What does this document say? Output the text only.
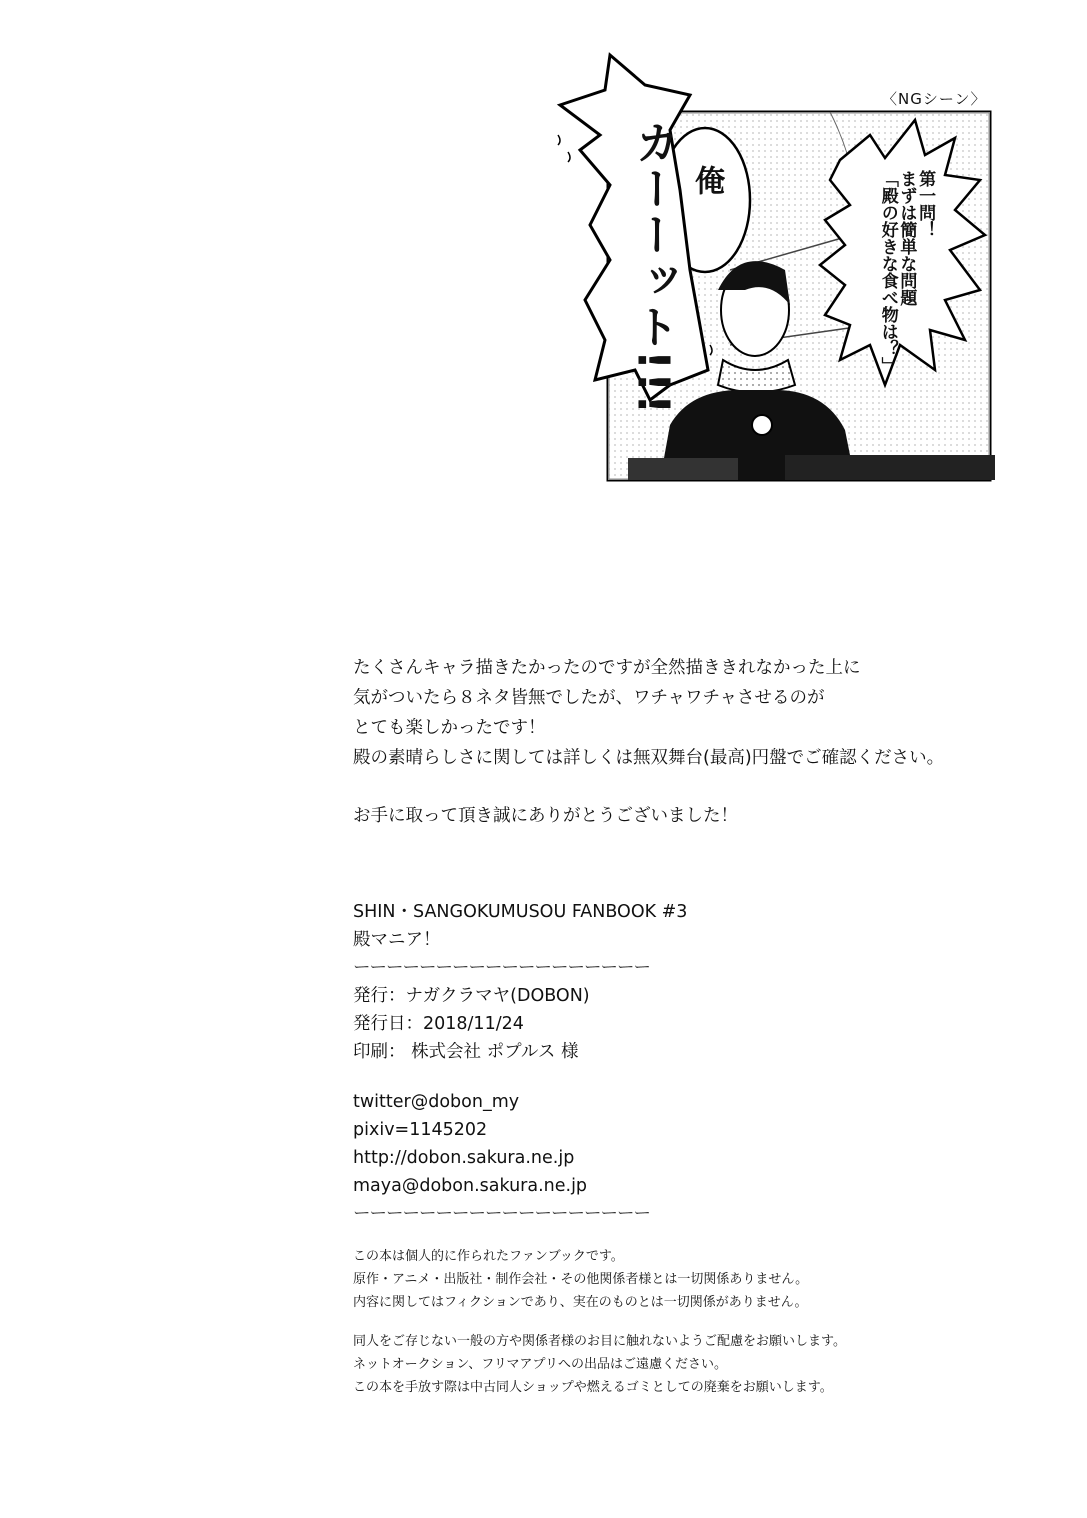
〈NGシーン〉
カーーット!!! 俺	第一問！
まずは簡単な問題
「殿の好きな食べ物は？」

たくさんキャラ描きたかったのですが全然描ききれなかった上に

気がついたら８ネタ皆無でしたが、ワチャワチャさせるのが

とても楽しかったです！

殿の素晴らしさに関しては詳しくは無双舞台(最高)円盤でご確認ください。

お手に取って頂き誠にありがとうございました！

SHIN・SANGOKUMUSOU FANBOOK #3

殿マニア！

ーーーーーーーーーーーーーーーーーー

発行：ナガクラマヤ(DOBON)

発行日：2018/11/24

印刷： 株式会社 ポプルス 様

twitter@dobon_my

pixiv=1145202

http://dobon.sakura.ne.jp

maya@dobon.sakura.ne.jp

ーーーーーーーーーーーーーーーーーー

この本は個人的に作られたファンブックです。
原作・アニメ・出版社・制作会社・その他関係者様とは一切関係ありません。
内容に関してはフィクションであり、実在のものとは一切関係がありません。
同人をご存じない一般の方や関係者様のお目に触れないようご配慮をお願いします。
ネットオークション、フリマアプリへの出品はご遠慮ください。
この本を手放す際は中古同人ショップや燃えるゴミとしての廃棄をお願いします。
